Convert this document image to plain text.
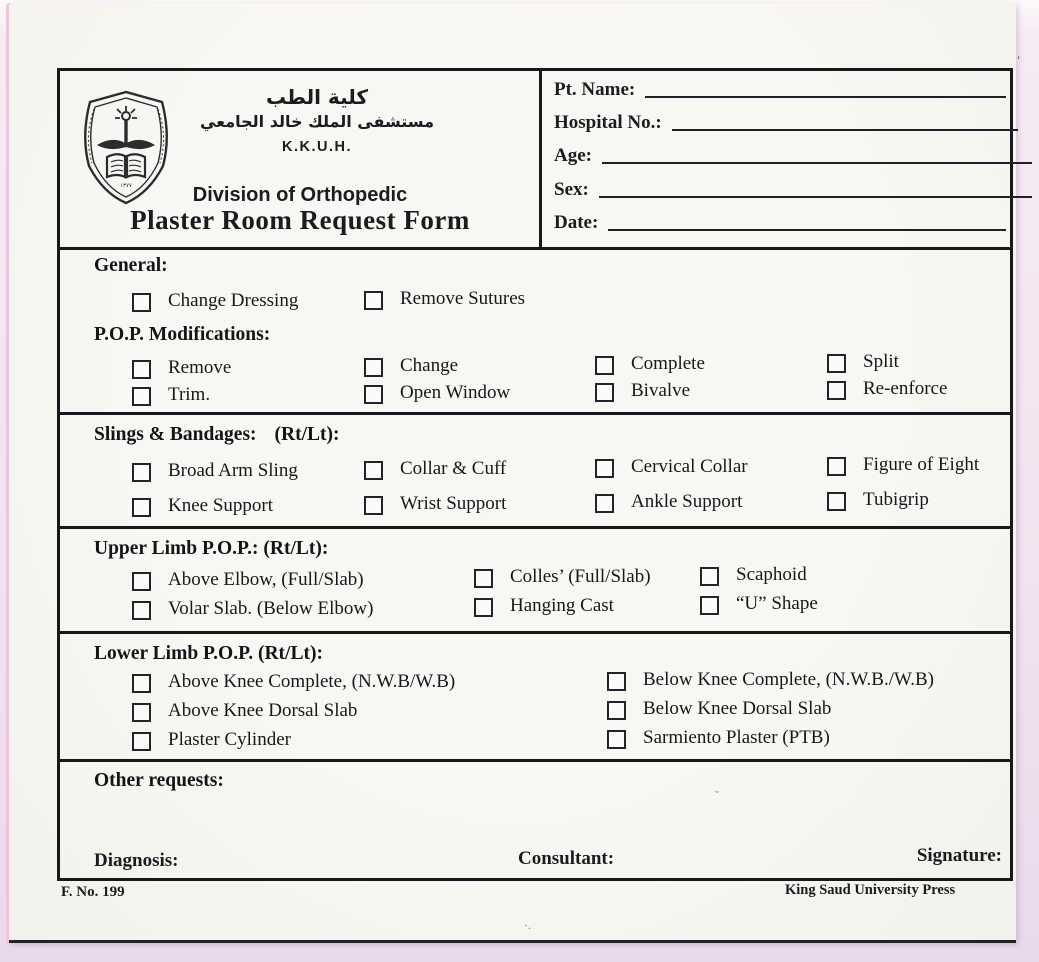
١٣٧٧
كلية الطب
مستشفى الملك خالد الجامعي
K.K.U.H.
Division of Orthopedic
Plaster Room Request Form
Pt. Name:
Hospital No.:
Age:
Sex:
Date:
General:
Change Dressing	Remove Sutures
P.O.P. Modifications:
Remove	Change	Complete	Split
Trim.	Open Window	Bivalve	Re-enforce
Slings & Bandages: (Rt/Lt):
Broad Arm Sling	Collar & Cuff	Cervical Collar	Figure of Eight
Knee Support	Wrist Support	Ankle Support	Tubigrip
Upper Limb P.O.P.: (Rt/Lt):
Above Elbow, (Full/Slab)	Colles’ (Full/Slab)	Scaphoid
Volar Slab. (Below Elbow)	Hanging Cast	“U” Shape
Lower Limb P.O.P. (Rt/Lt):
Above Knee Complete, (N.W.B/W.B)	Below Knee Complete, (N.W.B./W.B)
Above Knee Dorsal Slab	Below Knee Dorsal Slab
Plaster Cylinder	Sarmiento Plaster (PTB)
Other requests:
Diagnosis:	Consultant:	Signature:
F. No. 199	King Saud University Press
·.
˘
'
